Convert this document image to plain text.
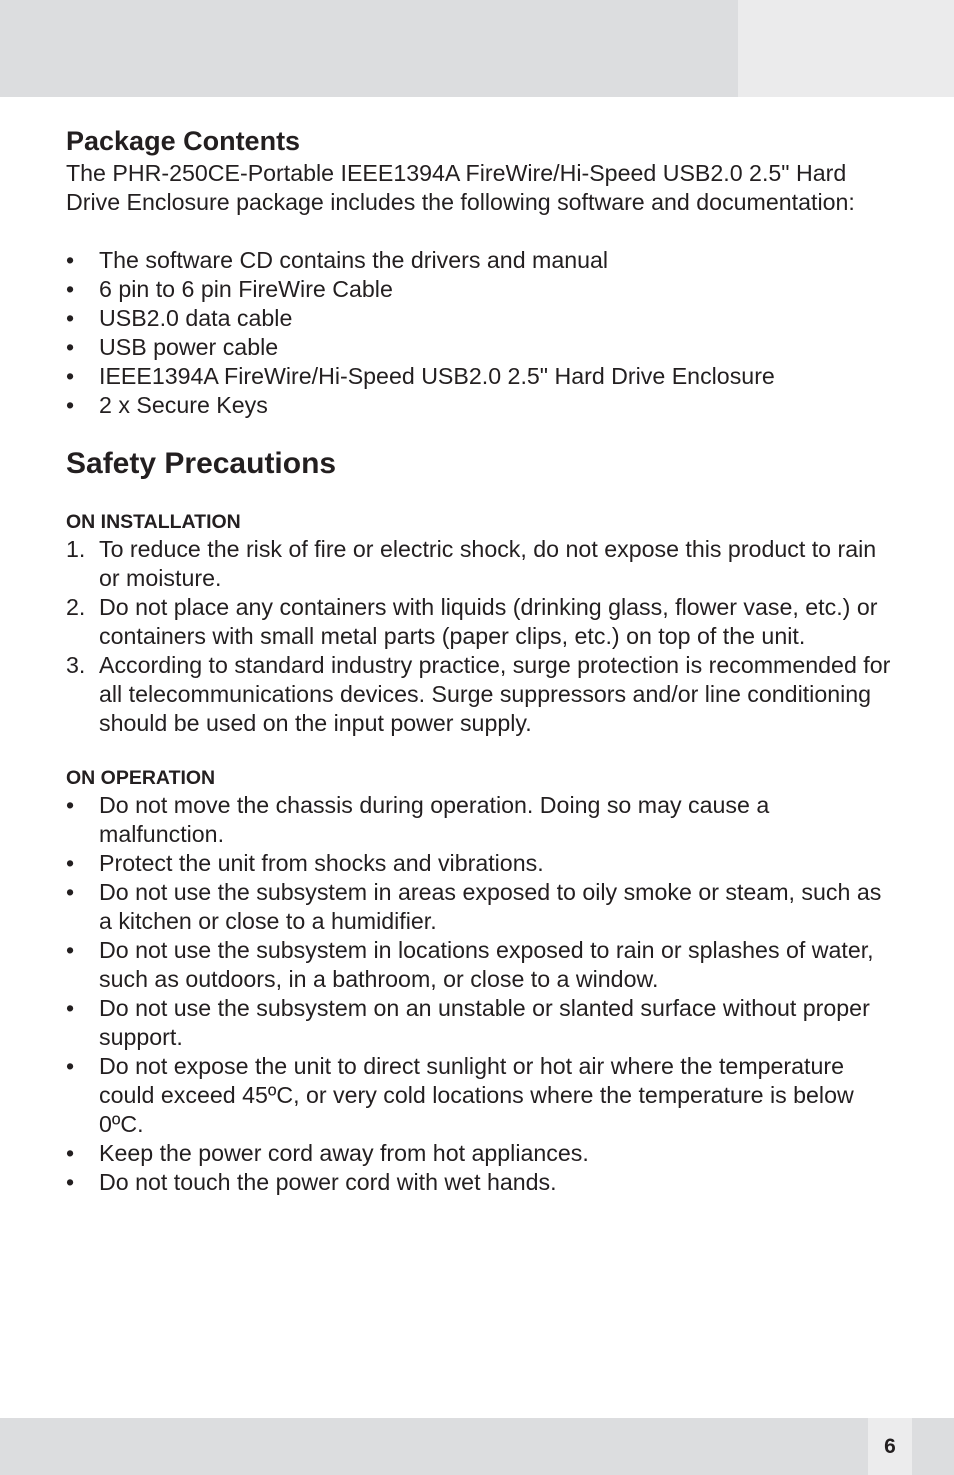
Package Contents

The PHR-250CE-Portable IEEE1394A FireWire/Hi-Speed USB2.0 2.5" Hard Drive Enclosure package includes the following software and documentation:

• The software CD contains the drivers and manual
• 6 pin to 6 pin FireWire Cable
• USB2.0 data cable
• USB power cable
• IEEE1394A FireWire/Hi-Speed USB2.0 2.5" Hard Drive Enclosure
• 2 x Secure Keys
Safety Precautions
ON INSTALLATION
1. To reduce the risk of fire or electric shock, do not expose this product to rain or moisture.
2. Do not place any containers with liquids (drinking glass, flower vase, etc.) or containers with small metal parts (paper clips, etc.) on top of the unit.
3. According to standard industry practice, surge protection is recommended for all telecommunications devices. Surge suppressors and/or line conditioning should be used on the input power supply.
ON OPERATION
• Do not move the chassis during operation. Doing so may cause a malfunction.
• Protect the unit from shocks and vibrations.
• Do not use the subsystem in areas exposed to oily smoke or steam, such as a kitchen or close to a humidifier.
• Do not use the subsystem in locations exposed to rain or splashes of water, such as outdoors, in a bathroom, or close to a window.
• Do not use the subsystem on an unstable or slanted surface without proper support.
• Do not expose the unit to direct sunlight or hot air where the temperature could exceed 45ºC, or very cold locations where the temperature is below 0ºC.
• Keep the power cord away from hot appliances.
• Do not touch the power cord with wet hands.
6
